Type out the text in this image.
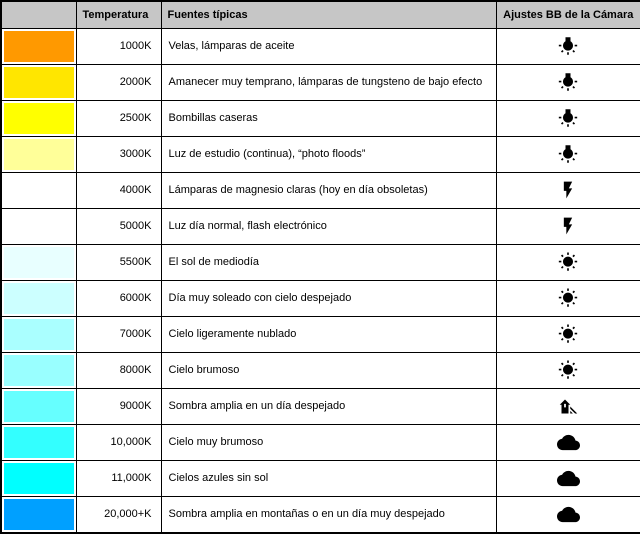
	Temperatura	Fuentes típicas	Ajustes BB de la Cámara

	1000K	Velas, lámparas de aceite	

	2000K	Amanecer muy temprano, lámparas de tungsteno de bajo efecto	

	2500K	Bombillas caseras	

	3000K	Luz de estudio (continua), “photo floods”	

	4000K	Lámparas de magnesio claras (hoy en día obsoletas)	

	5000K	Luz día normal, flash electrónico	

	5500K	El sol de mediodía	

	6000K	Día muy soleado con cielo despejado	

	7000K	Cielo ligeramente nublado	

	8000K	Cielo brumoso	

	9000K	Sombra amplia en un día despejado	

	10,000K	Cielo muy brumoso	

	11,000K	Cielos azules sin sol	

	20,000+K	Sombra amplia en montañas o en un día muy despejado	
